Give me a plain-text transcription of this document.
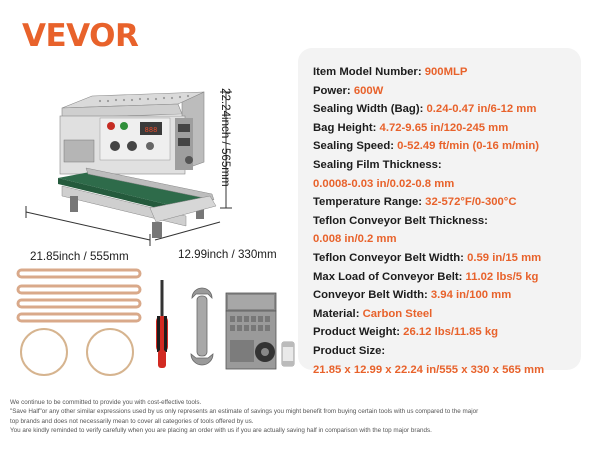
VEVOR
888	22.24inch / 565mm
21.85inch / 555mm	12.99inch / 330mm
Item Model Number: 900MLP
Power: 600W
Sealing Width (Bag): 0.24-0.47 in/6-12 mm
Bag Height: 4.72-9.65 in/120-245 mm
Sealing Speed: 0-52.49 ft/min (0-16 m/min)
Sealing Film Thickness:
0.0008-0.03 in/0.02-0.8 mm
Temperature Range: 32-572°F/0-300°C
Teflon Conveyor Belt Thickness:
0.008 in/0.2 mm
Teflon Conveyor Belt Width: 0.59 in/15 mm
Max Load of Conveyor Belt: 11.02 lbs/5 kg
Conveyor Belt Width: 3.94 in/100 mm
Material: Carbon Steel
Product Weight: 26.12 lbs/11.85 kg
Product Size:
21.85 x 12.99 x 22.24 in/555 x 330 x 565 mm

We continue to be committed to provide you with cost-effective tools.

"Save Half"or any other similar expressions used by us only represents an estimate of savings you might benefit from buying certain tools with us compared to the major

top brands and does not necessarily mean to cover all categories of tools offered by us.

You are kindly reminded to verify carefully when you are placing an order with us if you are actually saving half in comparison with the top major brands.
